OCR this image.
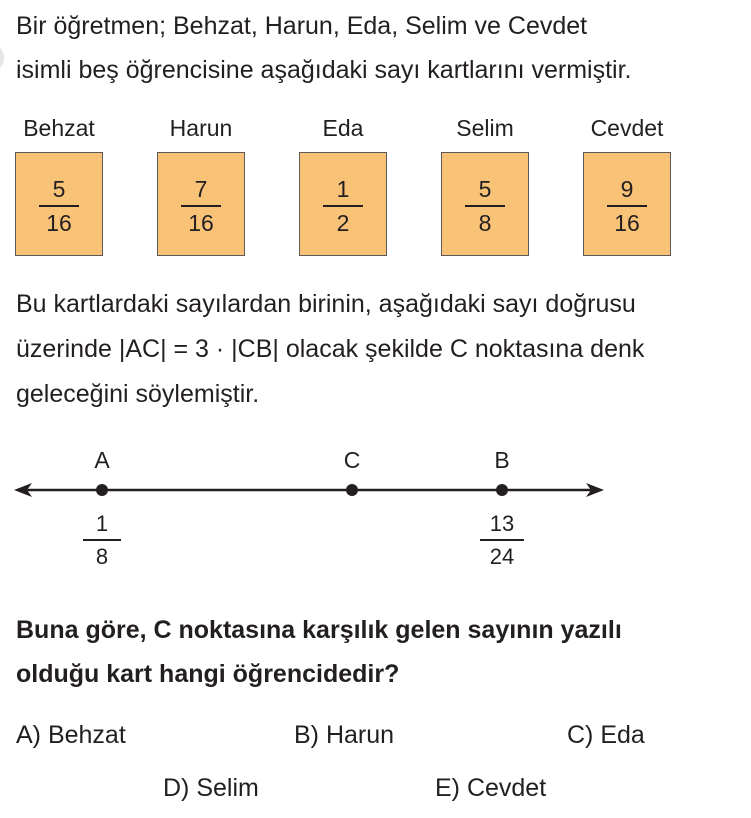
Bir öğretmen; Behzat, Harun, Eda, Selim ve Cevdet
isimli beş öğrencisine aşağıdaki sayı kartlarını vermiştir.
Behzat	Harun	Eda	Selim	Cevdet
5
16
7
16
1
2
5
8
9
16
Bu kartlardaki sayılardan birinin, aşağıdaki sayı doğrusu
üzerinde |AC| = 3 · |CB| olacak şekilde C noktasına denk
geleceğini söylemiştir.
A	C	B
1
8
13
24
Buna göre, C noktasına karşılık gelen sayının yazılı
olduğu kart hangi öğrencidedir?
A) Behzat	B) Harun	C) Eda
D) Selim	E) Cevdet
